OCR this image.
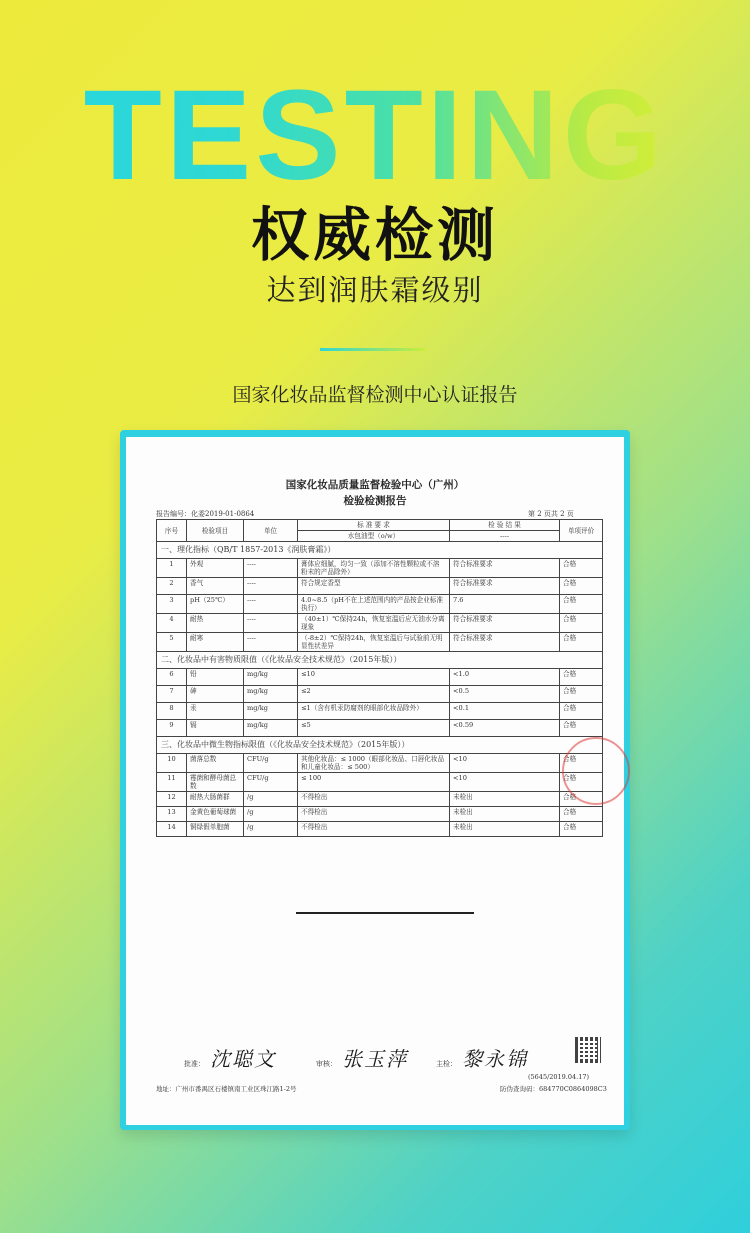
TESTING
权威检测
达到润肤霜级别
国家化妆品监督检测中心认证报告
国家化妆品质量监督检验中心（广州）
检验检测报告
报告编号：化委2019-01-0864	第 2 页共 2 页
序号	检验项目	单位	标 准 要 求	检 验 结 果	单项评价
			水包油型（o/w）	----	
一、理化指标（QB/T 1857-2013《润肤膏霜》）					
1	外观	----	膏体应细腻，均匀一致（添加不溶性颗粒或不溶粉末的产品除外）	符合标准要求	合格
2	香气	----	符合规定香型	符合标准要求	合格
3	pH（25℃）	----	4.0~8.5（pH不在上述范围内的产品按企业标准执行）	7.6	合格
4	耐热	----	（40±1）℃保持24h，恢复室温后应无油水分离现象	符合标准要求	合格
5	耐寒	----	（-8±2）℃保持24h，恢复室温后与试验前无明显性状差异	符合标准要求	合格
二、化妆品中有害物质限值（《化妆品安全技术规范》（2015年版））					
6	铅	mg/kg	≤10	<1.0	合格
7	砷	mg/kg	≤2	<0.5	合格
8	汞	mg/kg	≤1（含有机汞防腐剂的眼部化妆品除外）	<0.1	合格
9	镉	mg/kg	≤5	<0.59	合格
三、化妆品中微生物指标限值（《化妆品安全技术规范》（2015年版））					
10	菌落总数	CFU/g	其他化妆品：≤ 1000（眼部化妆品、口唇化妆品和儿童化妆品：≤ 500）	<10	合格
11	霉菌和酵母菌总数	CFU/g	≤ 100	<10	合格
12	耐热大肠菌群	/g	不得检出	未检出	合格
13	金黄色葡萄球菌	/g	不得检出	未检出	合格
14	铜绿假单胞菌	/g	不得检出	未检出	合格
批准： 沈聪文	审核： 张玉萍	主检： 黎永锦
(5645/2019.04.17)
地址：广州市番禺区石楼镇南工业区珠江路1-2号	防伪查询码：684770C0864098C3
